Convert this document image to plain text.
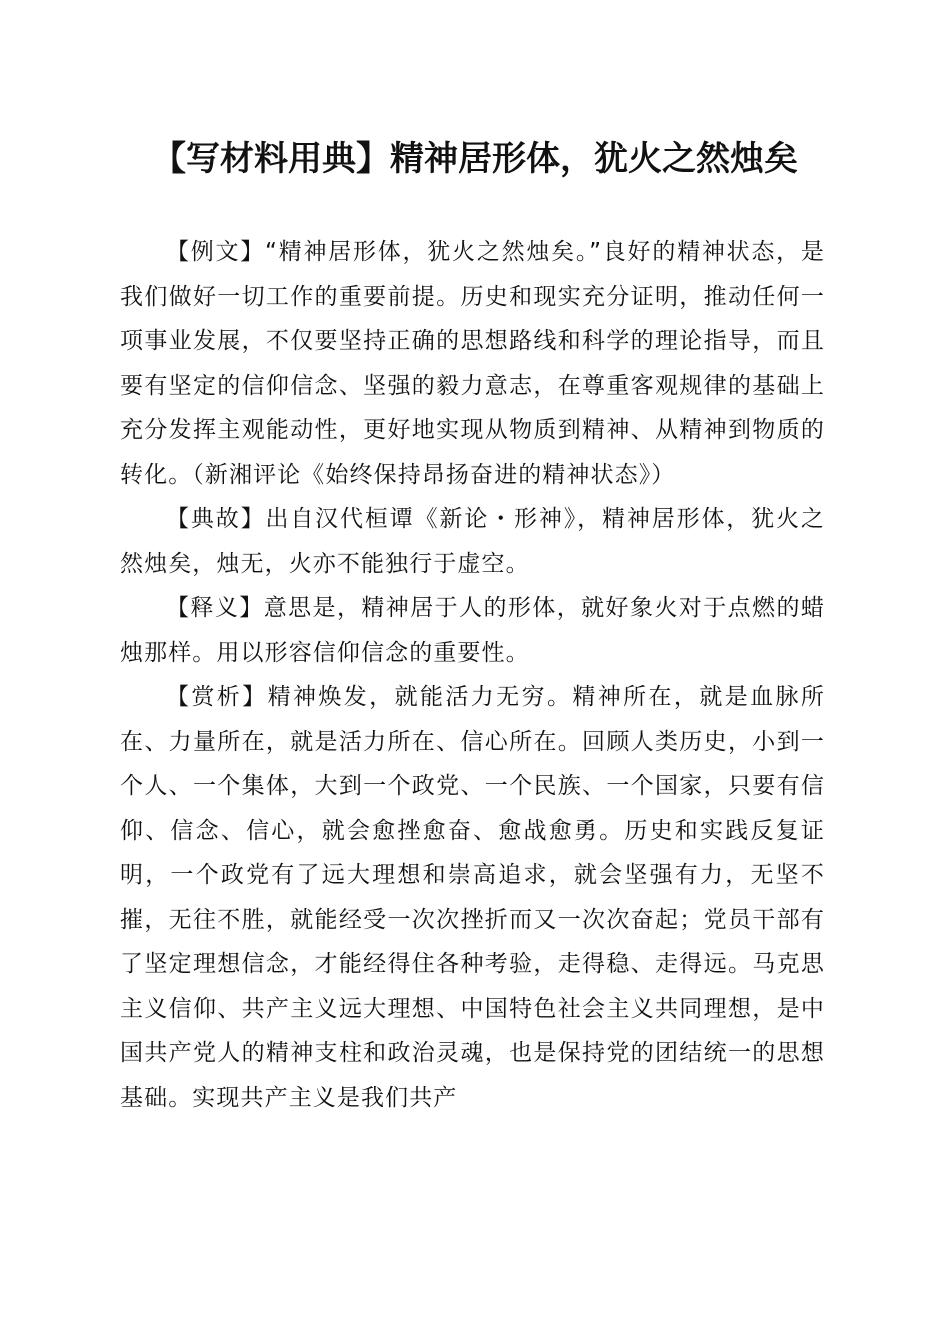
【写材料用典】精神居形体，犹火之然烛矣

【例文】“精神居形体，犹火之然烛矣。”良好的精神状态，是我们做好一切工作的重要前提。历史和现实充分证明，推动任何一项事业发展，不仅要坚持正确的思想路线和科学的理论指导，而且要有坚定的信仰信念、坚强的毅力意志，在尊重客观规律的基础上充分发挥主观能动性，更好地实现从物质到精神、从精神到物质的转化。（新湘评论《始终保持昂扬奋进的精神状态》）

【典故】出自汉代桓谭《新论・形神》，精神居形体，犹火之然烛矣，烛无，火亦不能独行于虚空。

【释义】意思是，精神居于人的形体，就好象火对于点燃的蜡烛那样。用以形容信仰信念的重要性。

【赏析】精神焕发，就能活力无穷。精神所在，就是血脉所在、力量所在，就是活力所在、信心所在。回顾人类历史，小到一个人、一个集体，大到一个政党、一个民族、一个国家，只要有信仰、信念、信心，就会愈挫愈奋、愈战愈勇。历史和实践反复证明，一个政党有了远大理想和崇高追求，就会坚强有力，无坚不摧，无往不胜，就能经受一次次挫折而又一次次奋起；党员干部有了坚定理想信念，才能经得住各种考验，走得稳、走得远。马克思主义信仰、共产主义远大理想、中国特色社会主义共同理想，是中国共产党人的精神支柱和政治灵魂，也是保持党的团结统一的思想基础。实现共产主义是我们共产
